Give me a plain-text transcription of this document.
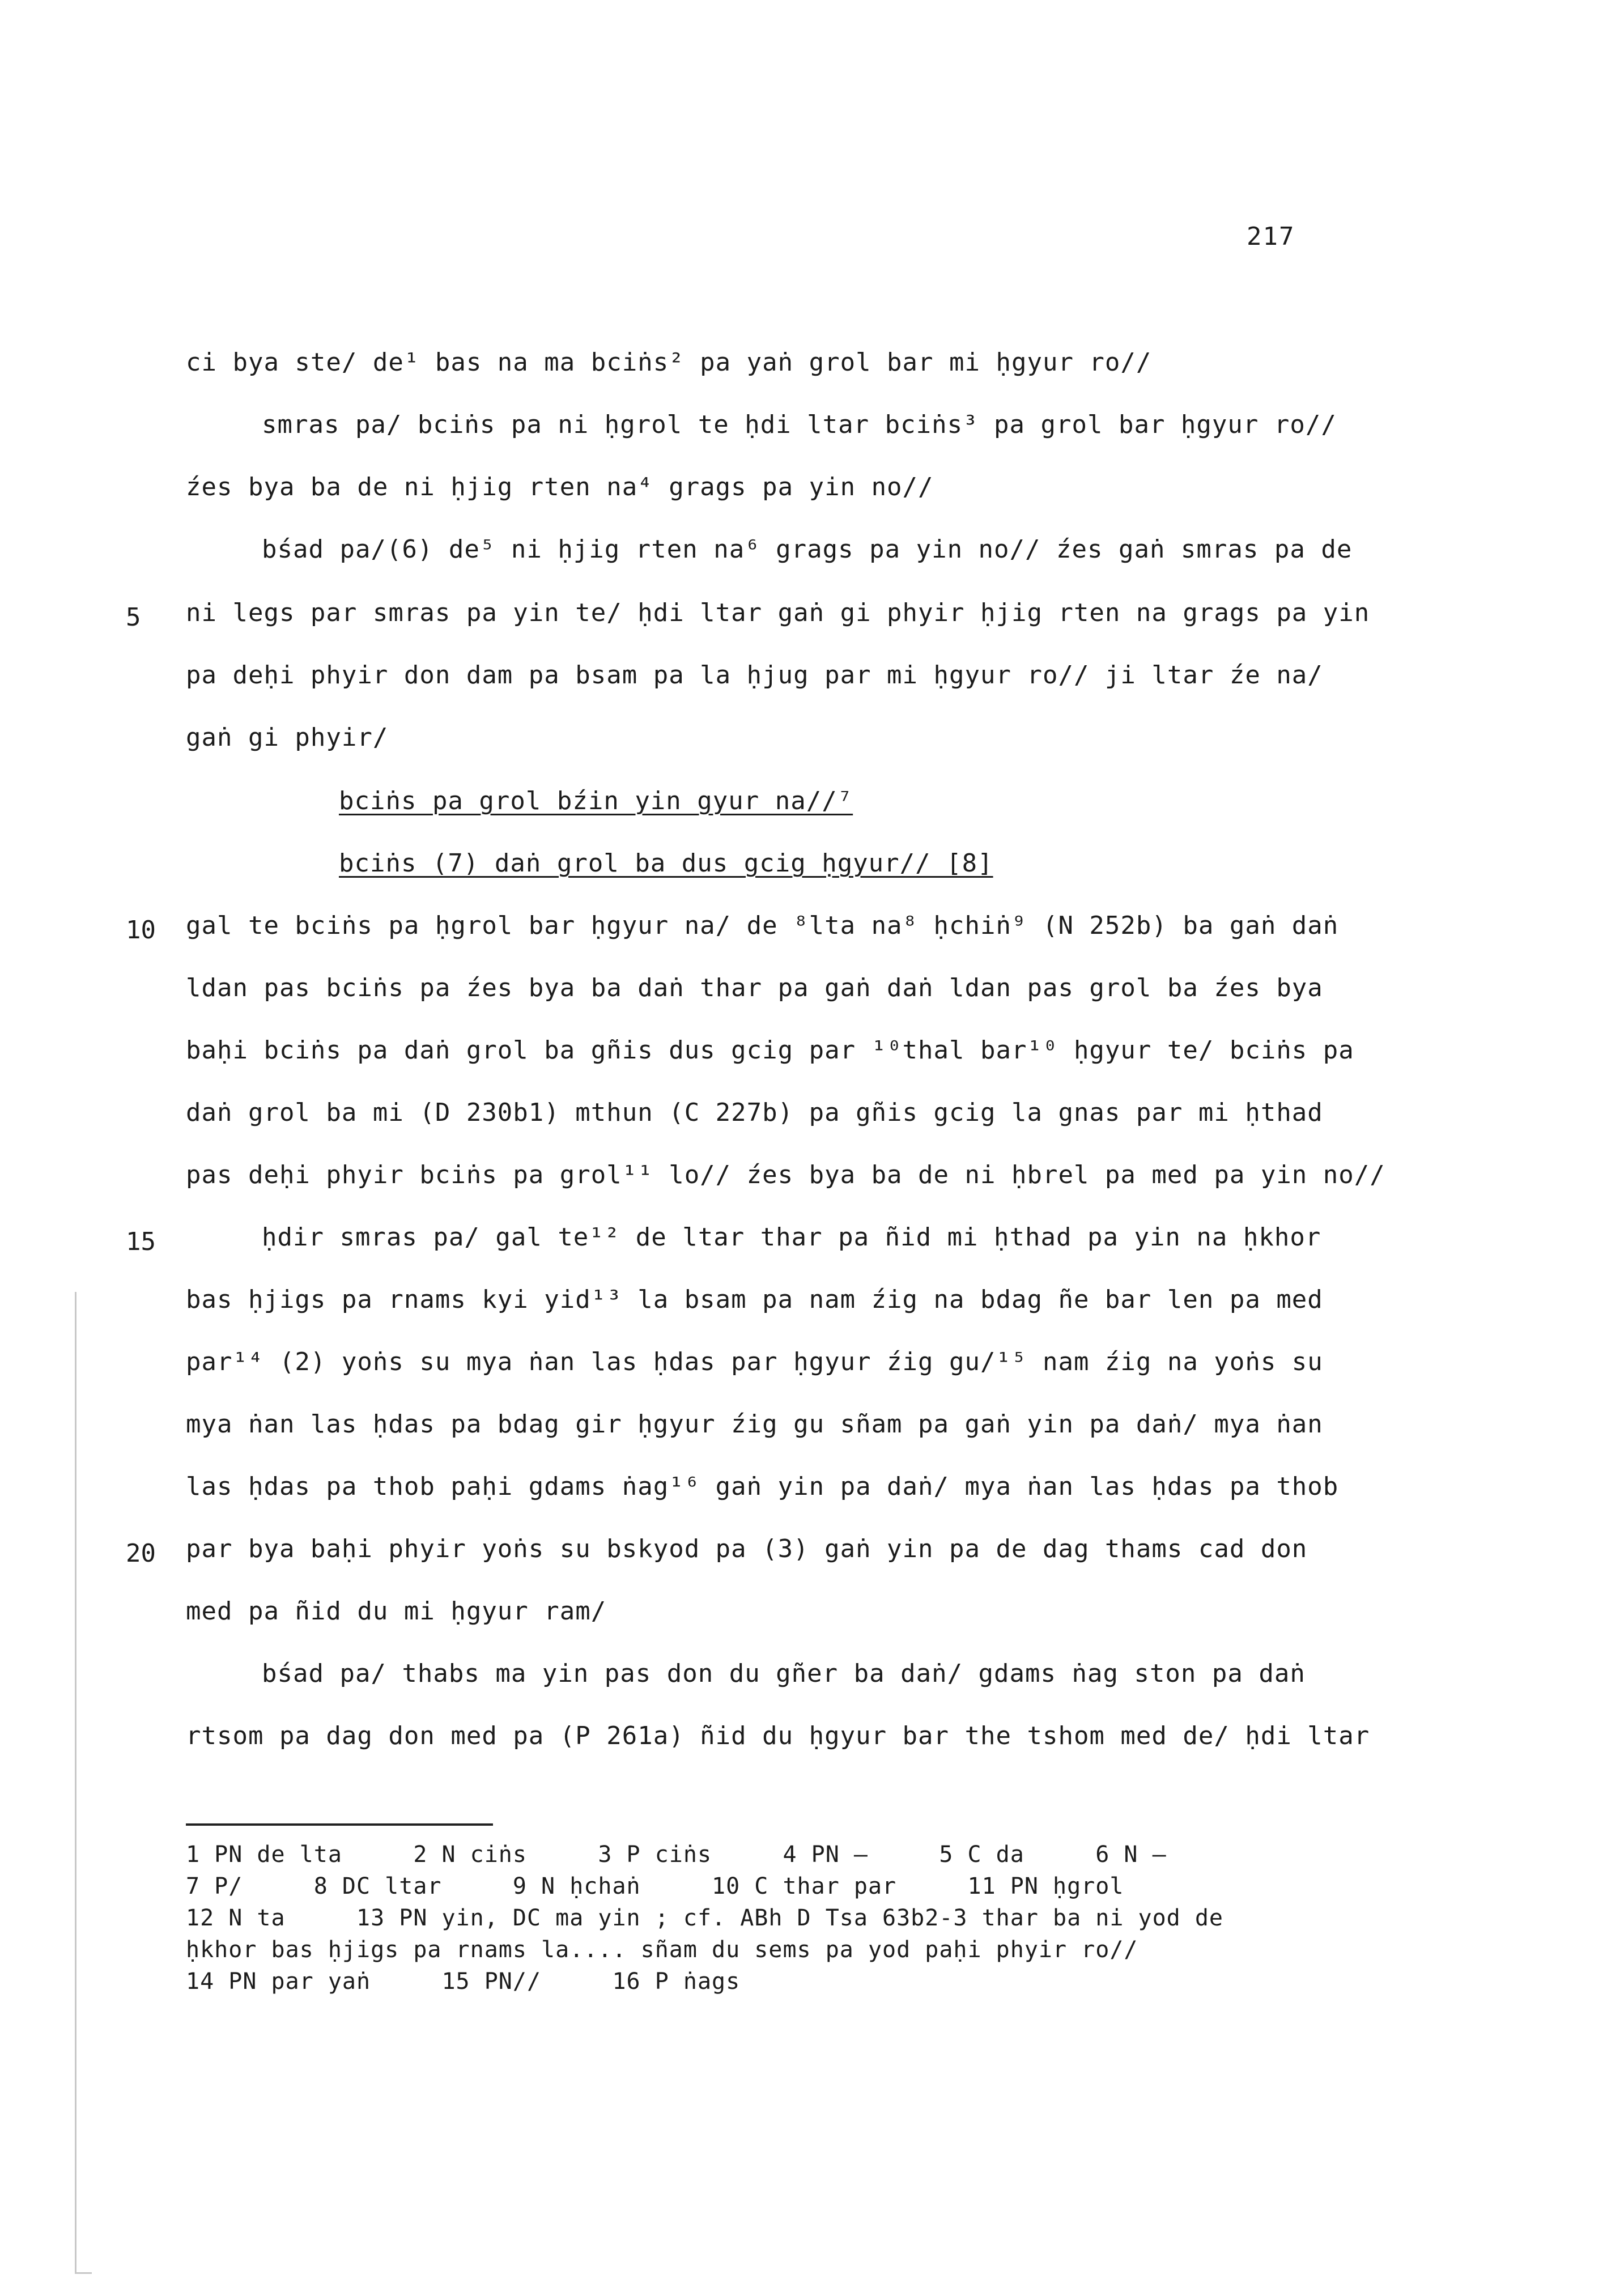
217
ci bya ste/ de¹ bas na ma bciṅs² pa yaṅ grol bar mi ḥgyur ro//
smras pa/ bciṅs pa ni ḥgrol te ḥdi ltar bciṅs³ pa grol bar ḥgyur ro//
źes bya ba de ni ḥjig rten na⁴ grags pa yin no//
bśad pa/(6) de⁵ ni ḥjig rten na⁶ grags pa yin no// źes gaṅ smras pa de
5 ni legs par smras pa yin te/ ḥdi ltar gaṅ gi phyir ḥjig rten na grags pa yin
pa deḥi phyir don dam pa bsam pa la ḥjug par mi ḥgyur ro// ji ltar źe na/
gaṅ gi phyir/
bciṅs pa grol bźin yin gyur na//⁷
bciṅs (7) daṅ grol ba dus gcig ḥgyur// [8]
10 gal te bciṅs pa ḥgrol bar ḥgyur na/ de ⁸lta na⁸ ḥchiṅ⁹ (N 252b) ba gaṅ daṅ
ldan pas bciṅs pa źes bya ba daṅ thar pa gaṅ daṅ ldan pas grol ba źes bya
baḥi bciṅs pa daṅ grol ba gñis dus gcig par ¹⁰thal bar¹⁰ ḥgyur te/ bciṅs pa
daṅ grol ba mi (D 230b1) mthun (C 227b) pa gñis gcig la gnas par mi ḥthad
pas deḥi phyir bciṅs pa grol¹¹ lo// źes bya ba de ni ḥbrel pa med pa yin no//
15	ḥdir smras pa/ gal te¹² de ltar thar pa ñid mi ḥthad pa yin na ḥkhor
bas ḥjigs pa rnams kyi yid¹³ la bsam pa nam źig na bdag ñe bar len pa med
par¹⁴ (2) yoṅs su mya ṅan las ḥdas par ḥgyur źig gu/¹⁵ nam źig na yoṅs su
mya ṅan las ḥdas pa bdag gir ḥgyur źig gu sñam pa gaṅ yin pa daṅ/ mya ṅan
las ḥdas pa thob paḥi gdams ṅag¹⁶ gaṅ yin pa daṅ/ mya ṅan las ḥdas pa thob
20 par bya baḥi phyir yoṅs su bskyod pa (3) gaṅ yin pa de dag thams cad don
med pa ñid du mi ḥgyur ram/
bśad pa/ thabs ma yin pas don du gñer ba daṅ/ gdams ṅag ston pa daṅ
rtsom pa dag don med pa (P 261a) ñid du ḥgyur bar the tshom med de/ ḥdi ltar
1 PN de lta     2 N ciṅs     3 P ciṅs     4 PN —     5 C da     6 N —
7 P/     8 DC ltar     9 N ḥchaṅ     10 C thar par     11 PN ḥgrol
12 N ta     13 PN yin, DC ma yin ; cf. ABh D Tsa 63b2-3 thar ba ni yod de
ḥkhor bas ḥjigs pa rnams la.... sñam du sems pa yod paḥi phyir ro//
14 PN par yaṅ     15 PN//     16 P ṅags
